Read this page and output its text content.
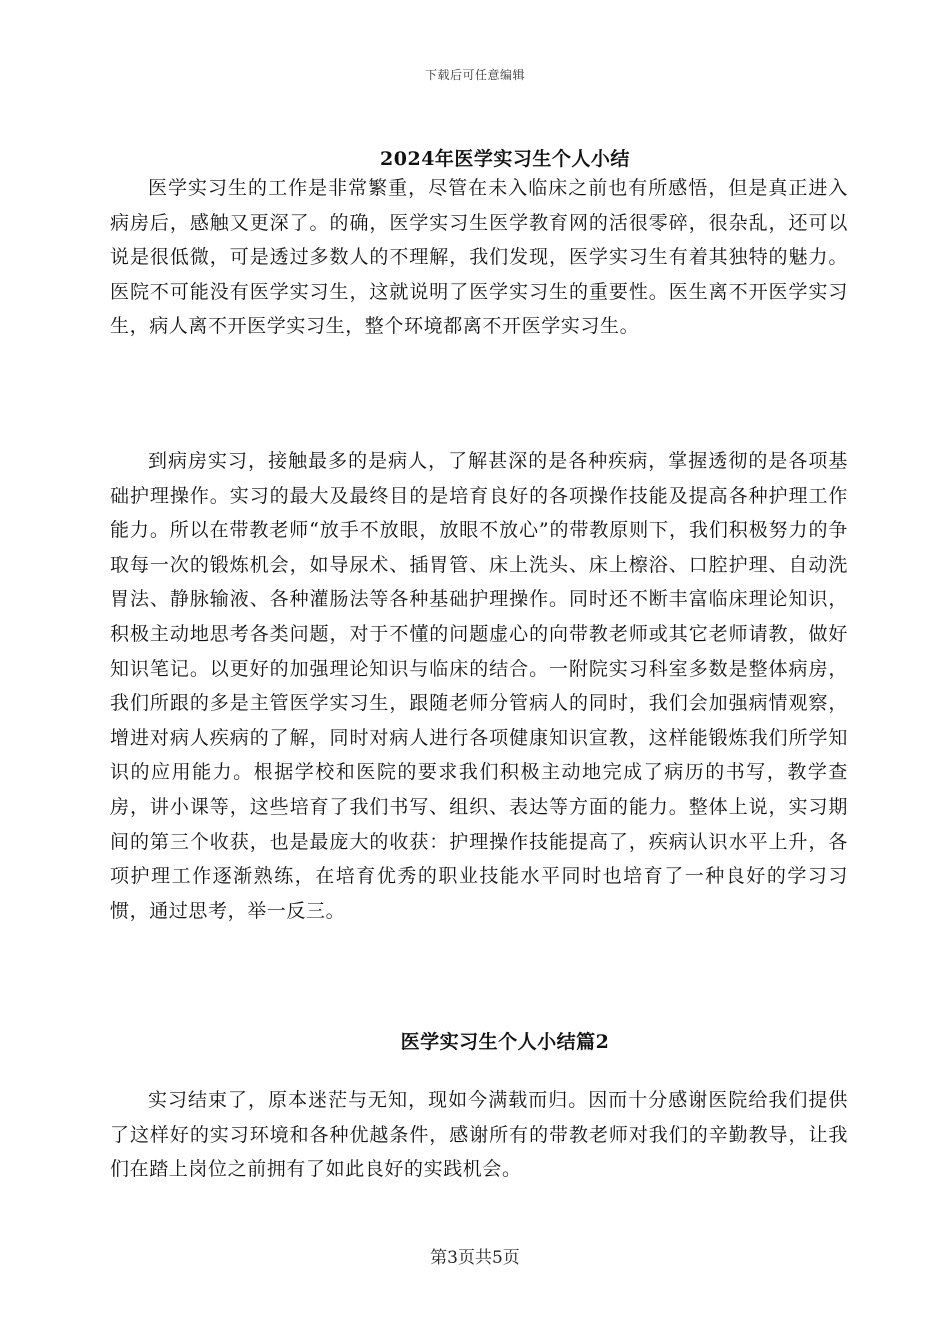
下载后可任意编辑
2024年医学实习生个人小结

医学实习生的工作是非常繁重，尽管在未入临床之前也有所感悟，但是真正进入病房后，感触又更深了。的确，医学实习生医学教育网的活很零碎，很杂乱，还可以说是很低微，可是透过多数人的不理解，我们发现，医学实习生有着其独特的魅力。医院不可能没有医学实习生，这就说明了医学实习生的重要性。医生离不开医学实习生，病人离不开医学实习生，整个环境都离不开医学实习生。

到病房实习，接触最多的是病人，了解甚深的是各种疾病，掌握透彻的是各项基础护理操作。实习的最大及最终目的是培育良好的各项操作技能及提高各种护理工作能力。所以在带教老师“放手不放眼，放眼不放心”的带教原则下，我们积极努力的争取每一次的锻炼机会，如导尿术、插胃管、床上洗头、床上檫浴、口腔护理、自动洗胃法、静脉输液、各种灌肠法等各种基础护理操作。同时还不断丰富临床理论知识，积极主动地思考各类问题，对于不懂的问题虚心的向带教老师或其它老师请教，做好知识笔记。以更好的加强理论知识与临床的结合。一附院实习科室多数是整体病房，我们所跟的多是主管医学实习生，跟随老师分管病人的同时，我们会加强病情观察，增进对病人疾病的了解，同时对病人进行各项健康知识宣教，这样能锻炼我们所学知识的应用能力。根据学校和医院的要求我们积极主动地完成了病历的书写，教学查房，讲小课等，这些培育了我们书写、组织、表达等方面的能力。整体上说，实习期间的第三个收获，也是最庞大的收获：护理操作技能提高了，疾病认识水平上升，各项护理工作逐渐熟练，在培育优秀的职业技能水平同时也培育了一种良好的学习习惯，通过思考，举一反三。

医学实习生个人小结篇2

实习结束了，原本迷茫与无知，现如今满载而归。因而十分感谢医院给我们提供了这样好的实习环境和各种优越条件，感谢所有的带教老师对我们的辛勤教导，让我们在踏上岗位之前拥有了如此良好的实践机会。

第3页共5页
